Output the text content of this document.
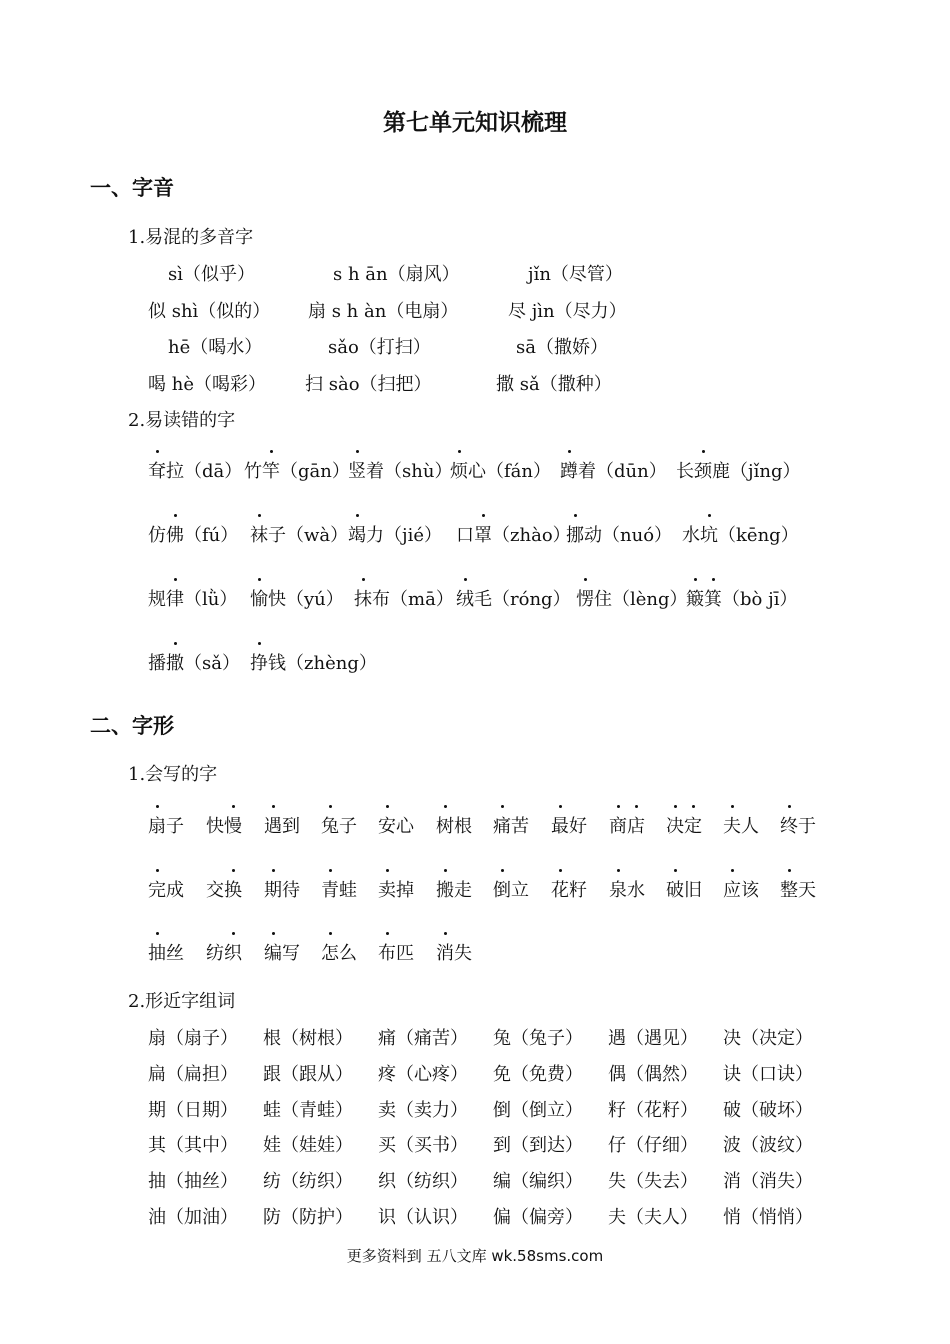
第七单元知识梳理
一、字音
1.易混的多音字
sì（似乎）	s h ān（扇风）	jǐn（尽管）
似 shì（似的） 扇 s h àn（电扇）	尽 jìn（尽力）
hē（喝水）	sǎo（打扫）	sā（撒娇）
喝 hè（喝彩） 扫 sào（扫把）	撒 sǎ（撒种）
2.易读错的字
耷拉（dā） 竹竿（gān）
竖着（shù）
烦心（fán） 蹲着（dūn） 长颈鹿（jǐng）
仿佛（fú） 袜子（wà） 竭力（jié） 口罩（zhào）
挪动（nuó） 水坑（kēng）
规律（lǜ） 愉快（yú） 抹布（mā） 绒毛（róng） 愣住（lèng）
簸箕（bò jī）
播撒（sǎ） 挣钱（zhèng）
二、字形
1.会写的字
扇子 快慢 遇到 兔子 安心 树根 痛苦 最好 商店 决定 夫人 终于
完成 交换 期待 青蛙 卖掉 搬走 倒立 花籽 泉水 破旧 应该 整天
抽丝 纺织 编写 怎么 布匹 消失
2.形近字组词
扇（扇子） 根（树根） 痛（痛苦） 兔（兔子） 遇（遇见） 决（决定）
扁（扁担） 跟（跟从） 疼（心疼） 免（免费） 偶（偶然） 诀（口诀）
期（日期） 蛙（青蛙） 卖（卖力） 倒（倒立） 籽（花籽） 破（破坏）
其（其中） 娃（娃娃） 买（买书） 到（到达） 仔（仔细） 波（波纹）
抽（抽丝） 纺（纺织） 织（纺织） 编（编织） 失（失去） 消（消失）
油（加油） 防（防护） 识（认识） 偏（偏旁） 夫（夫人） 悄（悄悄）
更多资料到 五八文库 wk.58sms.com
